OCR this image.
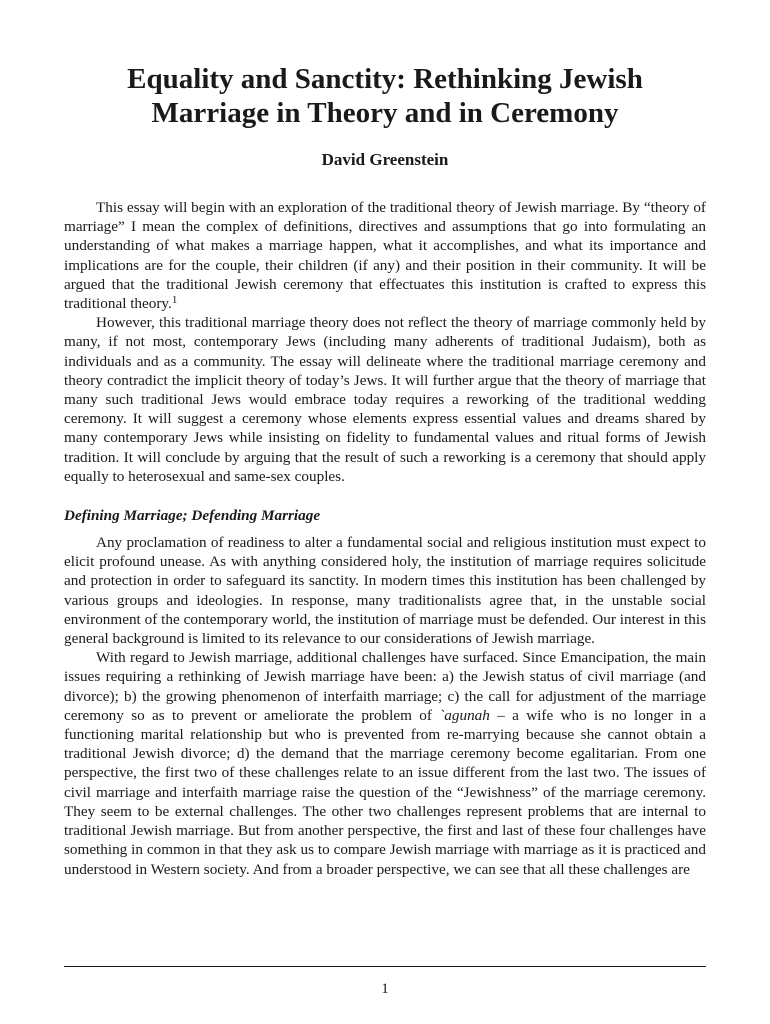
Equality and Sanctity: Rethinking Jewish
Marriage in Theory and in Ceremony
David Greenstein

This essay will begin with an exploration of the traditional theory of Jewish marriage. By “theory of marriage” I mean the complex of definitions, directives and assumptions that go into formulating an understanding of what makes a marriage happen, what it accomplishes, and what its importance and implications are for the couple, their children (if any) and their position in their community. It will be argued that the traditional Jewish ceremony that effectuates this institution is crafted to express this traditional theory.$^1$

However, this traditional marriage theory does not reflect the theory of marriage commonly held by many, if not most, contemporary Jews (including many adherents of traditional Judaism), both as individuals and as a community. The essay will delineate where the traditional marriage ceremony and theory contradict the implicit theory of today’s Jews. It will further argue that the theory of marriage that many such traditional Jews would embrace today requires a reworking of the traditional wedding ceremony. It will suggest a ceremony whose elements express essential values and dreams shared by many contemporary Jews while insisting on fidelity to fundamental values and ritual forms of Jewish tradition. It will conclude by arguing that the result of such a reworking is a ceremony that should apply equally to heterosexual and same-sex couples.

Defining Marriage; Defending Marriage

Any proclamation of readiness to alter a fundamental social and religious institution must expect to elicit profound unease. As with anything considered holy, the institution of marriage requires solicitude and protection in order to safeguard its sanctity. In modern times this institution has been challenged by various groups and ideologies. In response, many traditionalists agree that, in the unstable social environment of the contemporary world, the institution of marriage must be defended. Our interest in this general background is limited to its relevance to our considerations of Jewish marriage.

With regard to Jewish marriage, additional challenges have surfaced. Since Emancipation, the main issues requiring a rethinking of Jewish marriage have been: a) the Jewish status of civil marriage (and divorce); b) the growing phenomenon of interfaith marriage; c) the call for adjustment of the marriage ceremony so as to prevent or ameliorate the problem of `agunah – a wife who is no longer in a functioning marital relationship but who is prevented from re-marrying because she cannot obtain a traditional Jewish divorce; d) the demand that the marriage ceremony become egalitarian. From one perspective, the first two of these challenges relate to an issue different from the last two. The issues of civil marriage and interfaith marriage raise the question of the “Jewishness” of the marriage ceremony. They seem to be external challenges. The other two challenges represent problems that are internal to traditional Jewish marriage. But from another perspective, the first and last of these four challenges have something in common in that they ask us to compare Jewish marriage with marriage as it is practiced and understood in Western society. And from a broader perspective, we can see that all these challenges are

1
